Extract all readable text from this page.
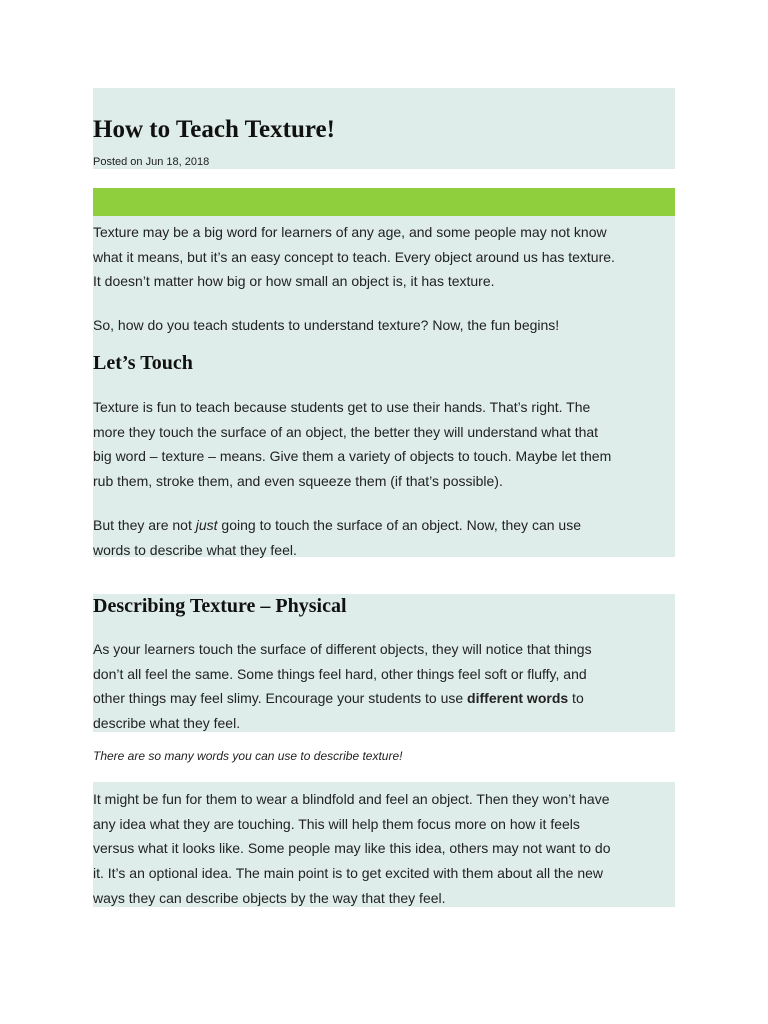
How to Teach Texture!

Posted on Jun 18, 2018

Texture may be a big word for learners of any age, and some people may not know
what it means, but it’s an easy concept to teach. Every object around us has texture.
It doesn’t matter how big or how small an object is, it has texture.

So, how do you teach students to understand texture? Now, the fun begins!

Let’s Touch

Texture is fun to teach because students get to use their hands. That’s right. The
more they touch the surface of an object, the better they will understand what that
big word – texture – means. Give them a variety of objects to touch. Maybe let them
rub them, stroke them, and even squeeze them (if that’s possible).

But they are not just going to touch the surface of an object. Now, they can use
words to describe what they feel.

Describing Texture – Physical

As your learners touch the surface of different objects, they will notice that things
don’t all feel the same. Some things feel hard, other things feel soft or fluffy, and
other things may feel slimy. Encourage your students to use different words to
describe what they feel.

There are so many words you can use to describe texture!

It might be fun for them to wear a blindfold and feel an object. Then they won’t have
any idea what they are touching. This will help them focus more on how it feels
versus what it looks like. Some people may like this idea, others may not want to do
it. It’s an optional idea. The main point is to get excited with them about all the new
ways they can describe objects by the way that they feel.
